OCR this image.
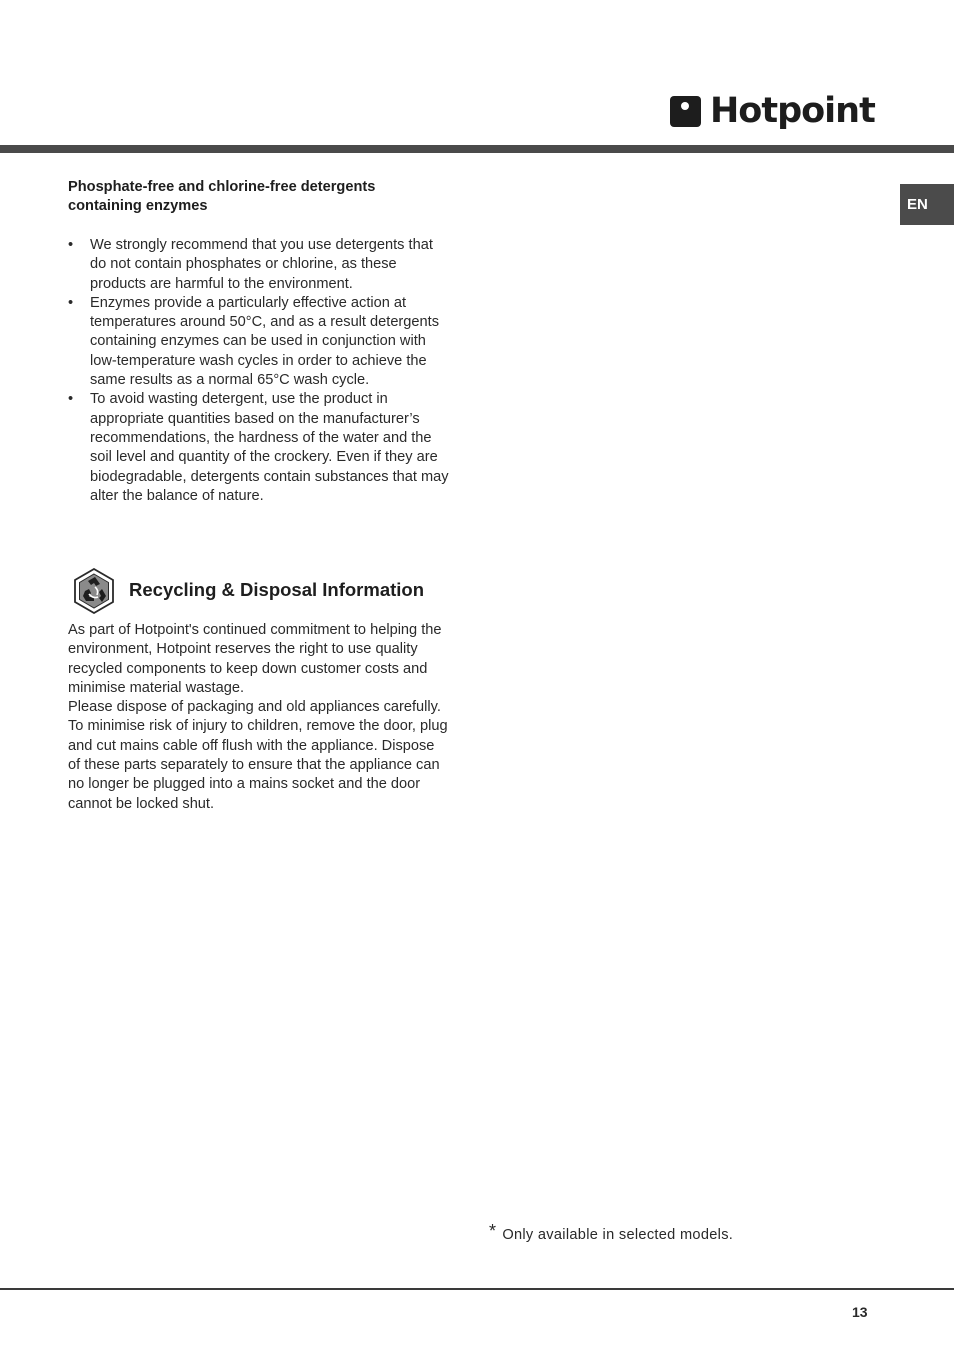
Hotpoint
EN
Phosphate-free and chlorine-free detergents containing enzymes
• We strongly recommend that you use detergents that do not contain phosphates or chlorine, as these products are harmful to the environment.
• Enzymes provide a particularly effective action at temperatures around 50°C, and as a result detergents containing enzymes can be used in conjunction with low-temperature wash cycles in order to achieve the same results as a normal 65°C wash cycle.
• To avoid wasting detergent, use the product in appropriate quantities based on the manufacturer’s recommendations, the hardness of the water and the soil level and quantity of the crockery. Even if they are biodegradable, detergents contain substances that may alter the balance of nature.
Recycling & Disposal Information

As part of Hotpoint's continued commitment to helping the environment, Hotpoint reserves the right to use quality recycled components to keep down customer costs and minimise material wastage.

Please dispose of packaging and old appliances carefully.

To minimise risk of injury to children, remove the door, plug and cut mains cable off flush with the appliance. Dispose of these parts separately to ensure that the appliance can no longer be plugged into a mains socket and the door cannot be locked shut.

* Only available in selected models.
13
